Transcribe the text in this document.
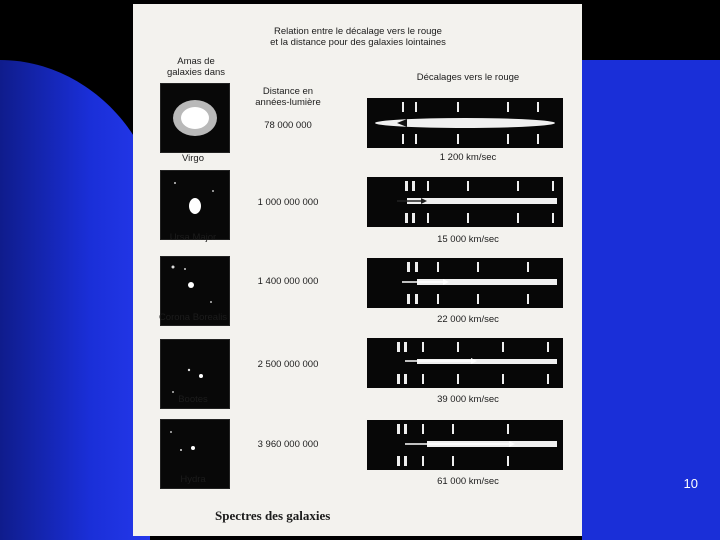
Relation entre le décalage vers le rouge
et la distance pour des galaxies lointaines
Amas de
galaxies dans
Distance en
années-lumière
Décalages vers le rouge
Virgo
78 000 000
1 200 km/sec
Ursa Major
1 000 000 000
15 000 km/sec
Corona Borealis
1 400 000 000
22 000 km/sec
Bootes
2 500 000 000
39 000 km/sec
Hydra
3 960 000 000
61 000 km/sec
Spectres des galaxies
10
